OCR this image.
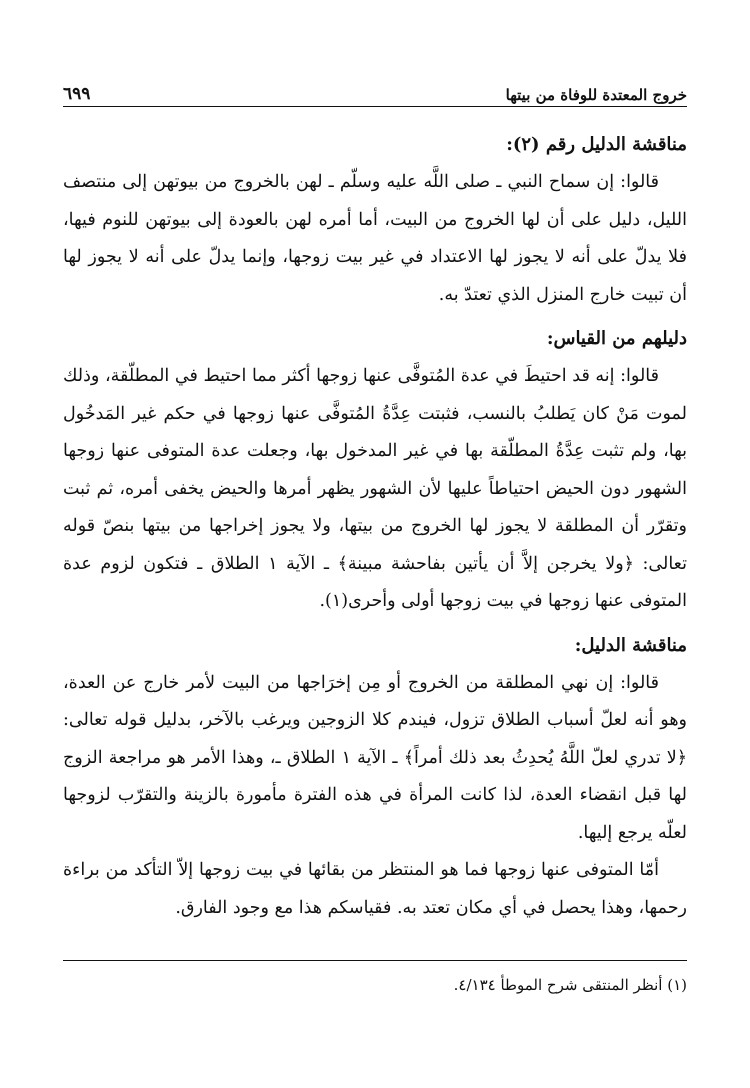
٦٩٩	خروج المعتدة للوفاة من بيتها
مناقشة الدليل رقم (٢):

قالوا: إن سماح النبي ـ صلى اللَّه عليه وسلّم ـ لهن بالخروج من بيوتهن إلى منتصف الليل، دليل على أن لها الخروج من البيت، أما أمره لهن بالعودة إلى بيوتهن للنوم فيها، فلا يدلّ على أنه لا يجوز لها الاعتداد في غير بيت زوجها، وإنما يدلّ على أنه لا يجوز لها أن تبيت خارج المنزل الذي تعتدّ به.

دليلهم من القياس:

قالوا: إنه قد احتيطَ في عدة المُتوفَّى عنها زوجها أكثر مما احتيط في المطلّقة، وذلك لموت مَنْ كان يَطلبُ بالنسب، فثبتت عِدَّةُ المُتوفَّى عنها زوجها في حكم غير المَدخُول بها، ولم تثبت عِدَّةُ المطلّقة بها في غير المدخول بها، وجعلت عدة المتوفى عنها زوجها الشهور دون الحيض احتياطاً عليها لأن الشهور يظهر أمرها والحيض يخفى أمره، ثم ثبت وتقرّر أن المطلقة لا يجوز لها الخروج من بيتها، ولا يجوز إخراجها من بيتها بنصّ قوله تعالى: ﴿ولا يخرجن إلاَّ أن يأتين بفاحشة مبينة﴾ ـ الآية ١ الطلاق ـ فتكون لزوم عدة المتوفى عنها زوجها في بيت زوجها أولى وأحرى(١).

مناقشة الدليل:

قالوا: إن نهي المطلقة من الخروج أو مِن إخرَاجها من البيت لأمر خارج عن العدة، وهو أنه لعلّ أسباب الطلاق تزول، فيندم كلا الزوجين ويرغب بالآخر، بدليل قوله تعالى: ﴿لا تدري لعلّ اللَّهُ يُحدِثُ بعد ذلك أمراً﴾ ـ الآية ١ الطلاق ـ، وهذا الأمر هو مراجعة الزوج لها قبل انقضاء العدة، لذا كانت المرأة في هذه الفترة مأمورة بالزينة والتقرّب لزوجها لعلّه يرجع إليها.

أمّا المتوفى عنها زوجها فما هو المنتظر من بقائها في بيت زوجها إلاّ التأكد من براءة رحمها، وهذا يحصل في أي مكان تعتد به. فقياسكم هذا مع وجود الفارق.

(١) أنظر المنتقى شرح الموطأ ٤/١٣٤.
